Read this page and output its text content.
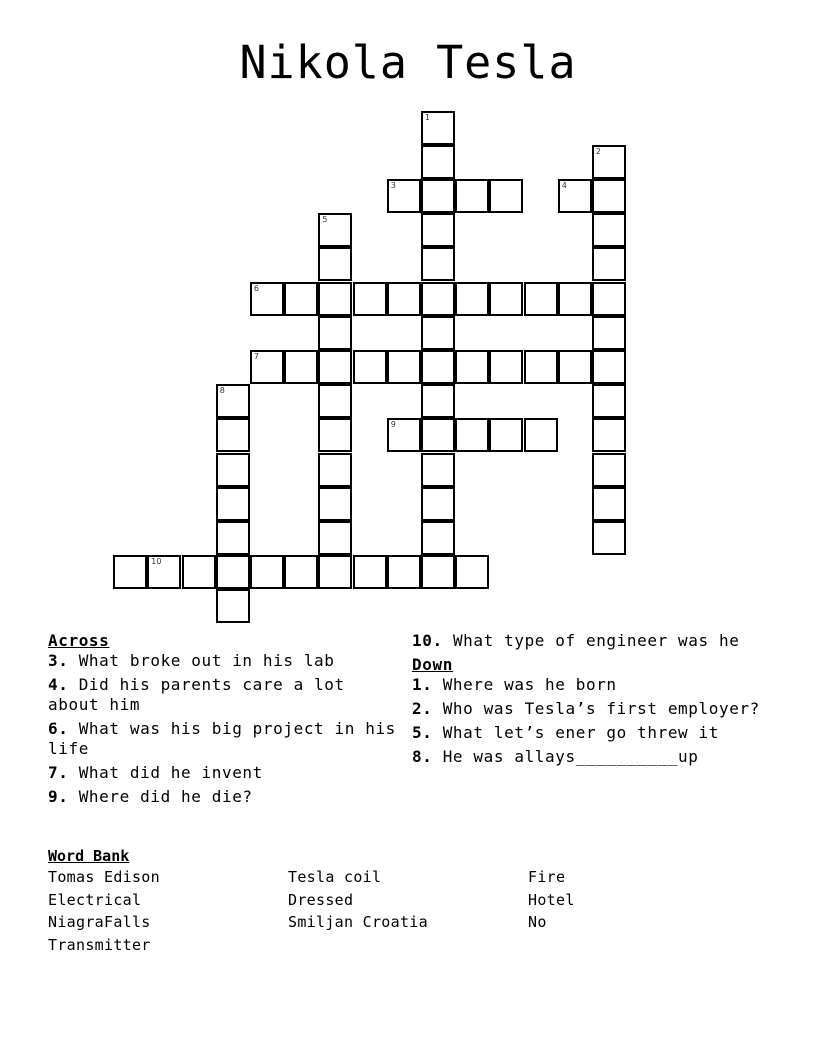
Nikola Tesla
1
2
3	4
5
6
7
8
9
10
Across
3. What broke out in his lab
4. Did his parents care a lot about him
6. What was his big project in his life
7. What did he invent
9. Where did he die?
10. What type of engineer was he
Down
1. Where was he born
2. Who was Tesla’s first employer?
5. What let’s ener go threw it
8. He was allays__________up
Word Bank
Tomas Edison	Tesla coil	Fire
Electrical	Dressed	Hotel
NiagraFalls	Smiljan Croatia	No
Transmitter
